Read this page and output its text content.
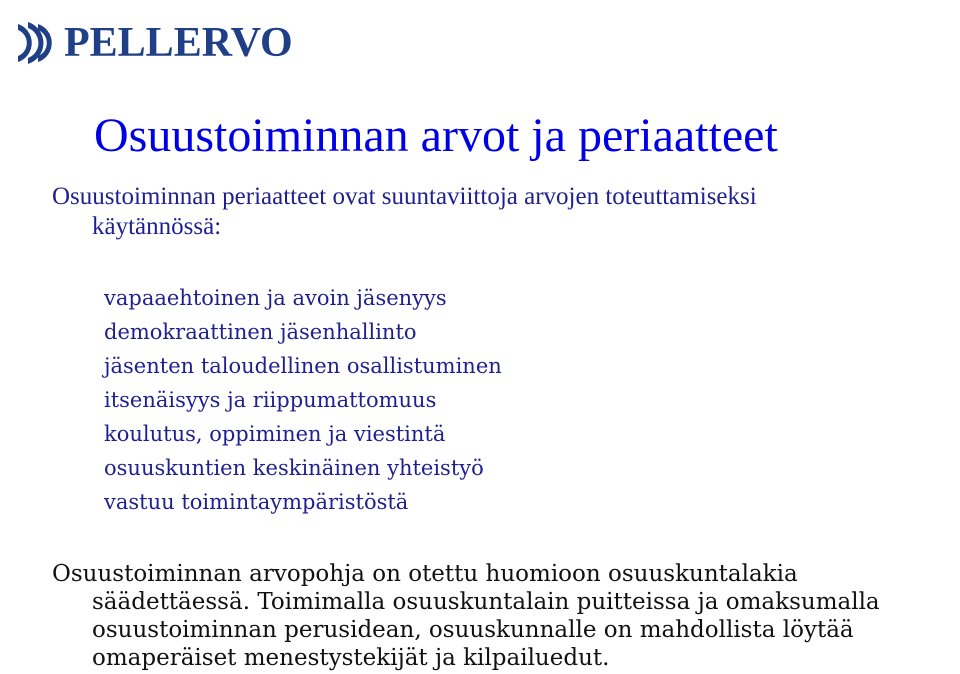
PELLERVO
Osuustoiminnan arvot ja periaatteet

Osuustoiminnan periaatteet ovat suuntaviittoja arvojen toteuttamiseksi
käytännössä:

vapaaehtoinen ja avoin jäsenyys
demokraattinen jäsenhallinto
jäsenten taloudellinen osallistuminen
itsenäisyys ja riippumattomuus
koulutus, oppiminen ja viestintä
osuuskuntien keskinäinen yhteistyö
vastuu toimintaympäristöstä

Osuustoiminnan arvopohja on otettu huomioon osuuskuntalakia
säädettäessä. Toimimalla osuuskuntalain puitteissa ja omaksumalla
osuustoiminnan perusidean, osuuskunnalle on mahdollista löytää
omaperäiset menestystekijät ja kilpailuedut.
